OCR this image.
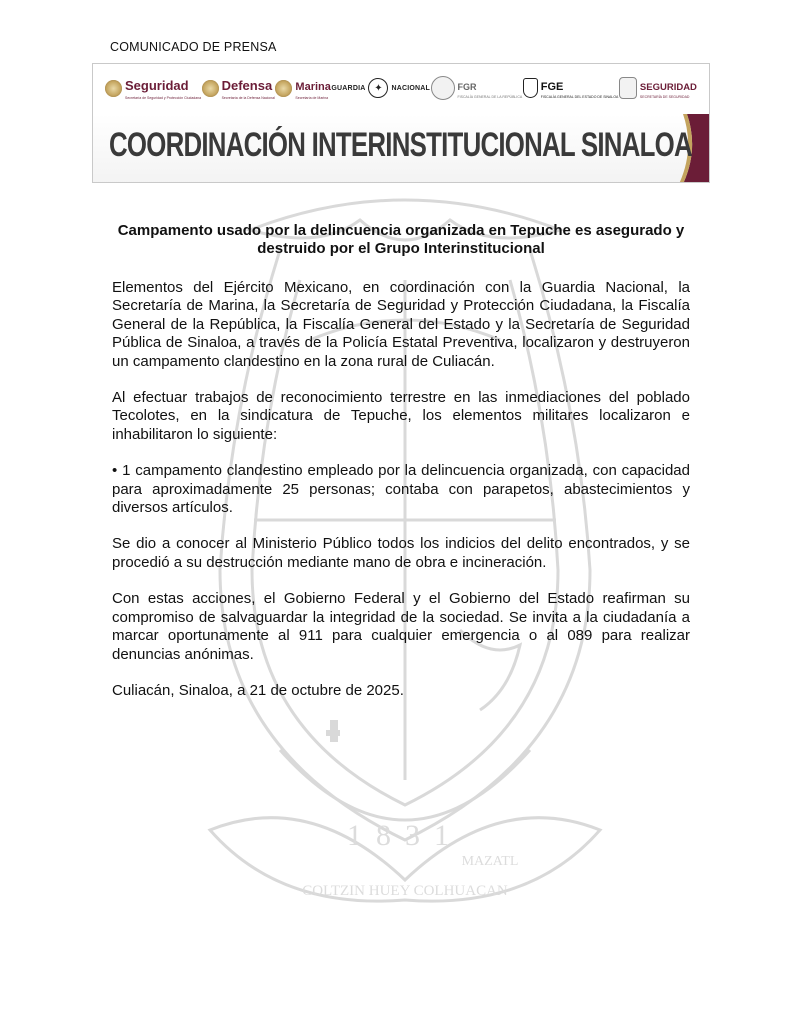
COMUNICADO DE PRENSA
Seguridad
Secretaría de Seguridad y Protección Ciudadana
Defensa
Secretaría de la Defensa Nacional
Marina
Secretaría de Marina
GUARDIA ✦	NACIONAL	FGR
FISCALÍA GENERAL DE LA REPÚBLICA
FGE
FISCALÍA GENERAL DEL ESTADO DE SINALOA
SEGURIDAD
SECRETARÍA DE SEGURIDAD
COORDINACIÓN INTERINSTITUCIONAL SINALOA
1831
COLTZIN HUEY COLHUACAN
MAZATL

Campamento usado por la delincuencia organizada en Tepuche es asegurado y destruido por el Grupo Interinstitucional

Elementos del Ejército Mexicano, en coordinación con la Guardia Nacional, la Secretaría de Marina, la Secretaría de Seguridad y Protección Ciudadana, la Fiscalía General de la República, la Fiscalía General del Estado y la Secretaría de Seguridad Pública de Sinaloa, a través de la Policía Estatal Preventiva, localizaron y destruyeron un campamento clandestino en la zona rural de Culiacán.

Al efectuar trabajos de reconocimiento terrestre en las inmediaciones del poblado Tecolotes, en la sindicatura de Tepuche, los elementos militares localizaron e inhabilitaron lo siguiente:

• 1 campamento clandestino empleado por la delincuencia organizada, con capacidad para aproximadamente 25 personas; contaba con parapetos, abastecimientos y diversos artículos.

Se dio a conocer al Ministerio Público todos los indicios del delito encontrados, y se procedió a su destrucción mediante mano de obra e incineración.

Con estas acciones, el Gobierno Federal y el Gobierno del Estado reafirman su compromiso de salvaguardar la integridad de la sociedad. Se invita a la ciudadanía a marcar oportunamente al 911 para cualquier emergencia o al 089 para realizar denuncias anónimas.

Culiacán, Sinaloa, a 21 de octubre de 2025.
